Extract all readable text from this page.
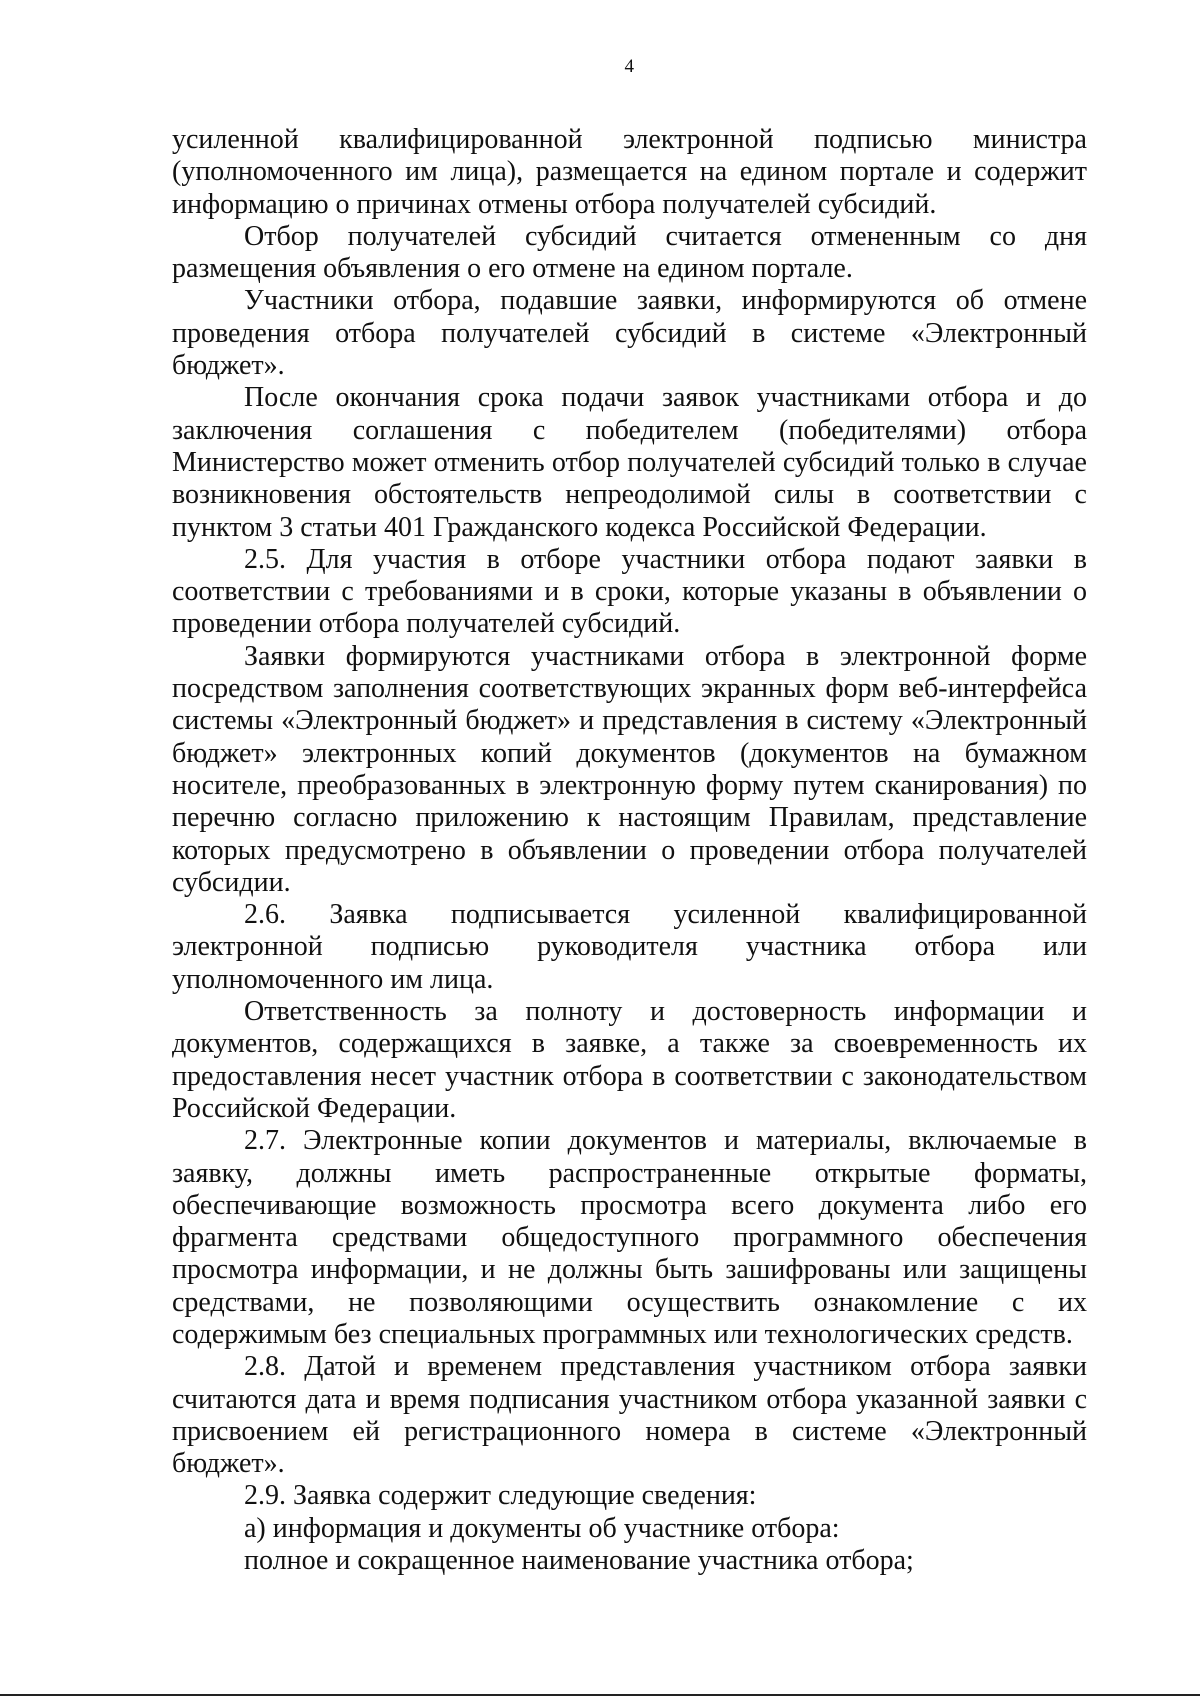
4

усиленной квалифицированной электронной подписью министра (уполномоченного им лица), размещается на едином портале и содержит информацию о причинах отмены отбора получателей субсидий.

Отбор получателей субсидий считается отмененным со дня размещения объявления о его отмене на едином портале.

Участники отбора, подавшие заявки, информируются об отмене проведения отбора получателей субсидий в системе «Электронный бюджет».

После окончания срока подачи заявок участниками отбора и до заключения соглашения с победителем (победителями) отбора Министерство может отменить отбор получателей субсидий только в случае возникновения обстоятельств непреодолимой силы в соответствии с пунктом 3 статьи 401 Гражданского кодекса Российской Федерации.

2.5. Для участия в отборе участники отбора подают заявки в соответствии с требованиями и в сроки, которые указаны в объявлении о проведении отбора получателей субсидий.

Заявки формируются участниками отбора в электронной форме посредством заполнения соответствующих экранных форм веб-интерфейса системы «Электронный бюджет» и представления в систему «Электронный бюджет» электронных копий документов (документов на бумажном носителе, преобразованных в электронную форму путем сканирования) по перечню согласно приложению к настоящим Правилам, представление которых предусмотрено в объявлении о проведении отбора получателей субсидии.

2.6. Заявка подписывается усиленной квалифицированной электронной подписью руководителя участника отбора или уполномоченного им лица.

Ответственность за полноту и достоверность информации и документов, содержащихся в заявке, а также за своевременность их предоставления несет участник отбора в соответствии с законодательством Российской Федерации.

2.7. Электронные копии документов и материалы, включаемые в заявку, должны иметь распространенные открытые форматы, обеспечивающие возможность просмотра всего документа либо его фрагмента средствами общедоступного программного обеспечения просмотра информации, и не должны быть зашифрованы или защищены средствами, не позволяющими осуществить ознакомление с их содержимым без специальных программных или технологических средств.

2.8. Датой и временем представления участником отбора заявки считаются дата и время подписания участником отбора указанной заявки с присвоением ей регистрационного номера в системе «Электронный бюджет».

2.9. Заявка содержит следующие сведения:

а) информация и документы об участнике отбора:

полное и сокращенное наименование участника отбора;
